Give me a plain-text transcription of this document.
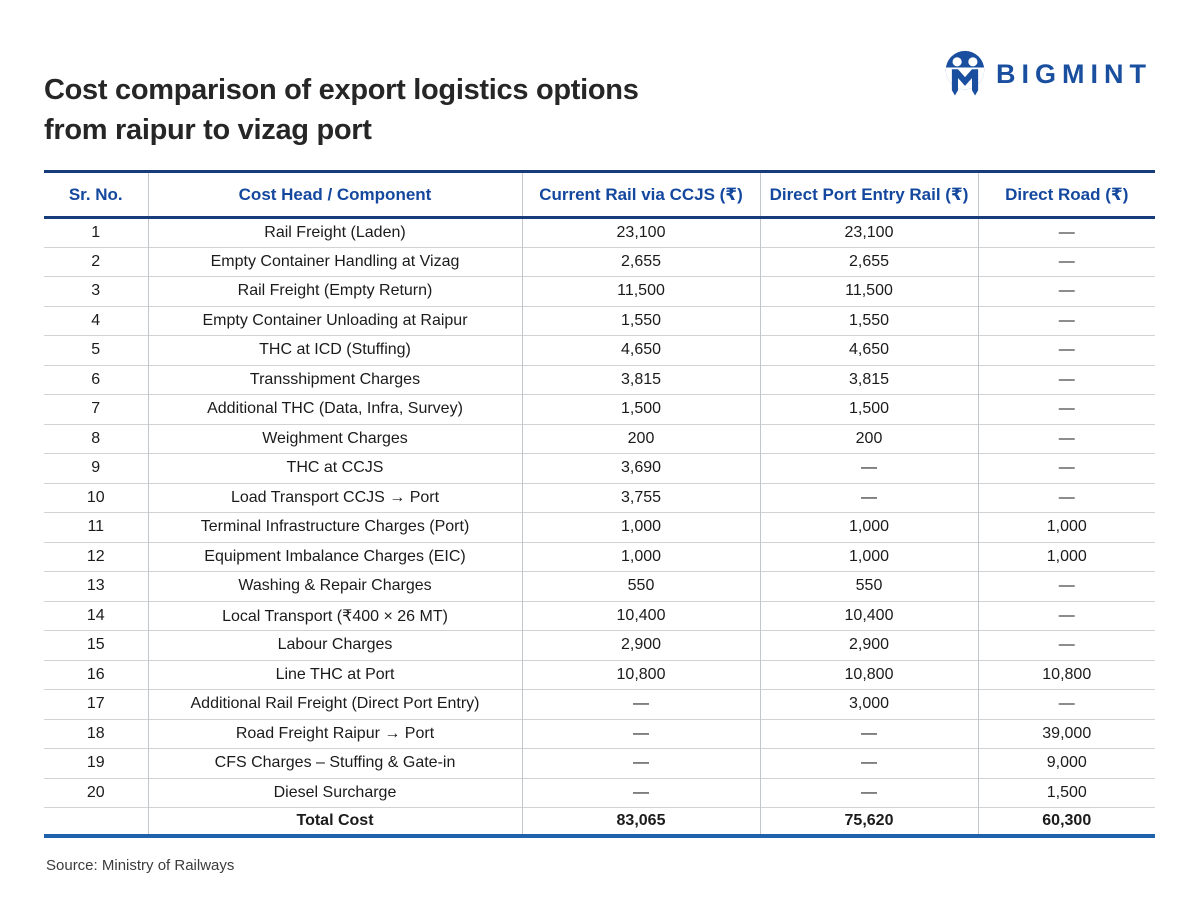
Cost comparison of export logistics options
from raipur to vizag port
BIGMINT
Sr. No.	Cost Head / Component	Current Rail via CCJS (₹)	Direct Port Entry Rail (₹)	Direct Road (₹)
1	Rail Freight (Laden)	23,100	23,100	—
2	Empty Container Handling at Vizag	2,655	2,655	—
3	Rail Freight (Empty Return)	11,500	11,500	—
4	Empty Container Unloading at Raipur	1,550	1,550	—
5	THC at ICD (Stuffing)	4,650	4,650	—
6	Transshipment Charges	3,815	3,815	—
7	Additional THC (Data, Infra, Survey)	1,500	1,500	—
8	Weighment Charges	200	200	—
9	THC at CCJS	3,690	—	—
10	Load Transport CCJS → Port	3,755	—	—
11	Terminal Infrastructure Charges (Port)	1,000	1,000	1,000
12	Equipment Imbalance Charges (EIC)	1,000	1,000	1,000
13	Washing & Repair Charges	550	550	—
14	Local Transport (₹400 × 26 MT)	10,400	10,400	—
15	Labour Charges	2,900	2,900	—
16	Line THC at Port	10,800	10,800	10,800
17	Additional Rail Freight (Direct Port Entry)	—	3,000	—
18	Road Freight Raipur → Port	—	—	39,000
19	CFS Charges – Stuffing & Gate-in	—	—	9,000
20	Diesel Surcharge	—	—	1,500
	Total Cost	83,065	75,620	60,300
Source: Ministry of Railways
